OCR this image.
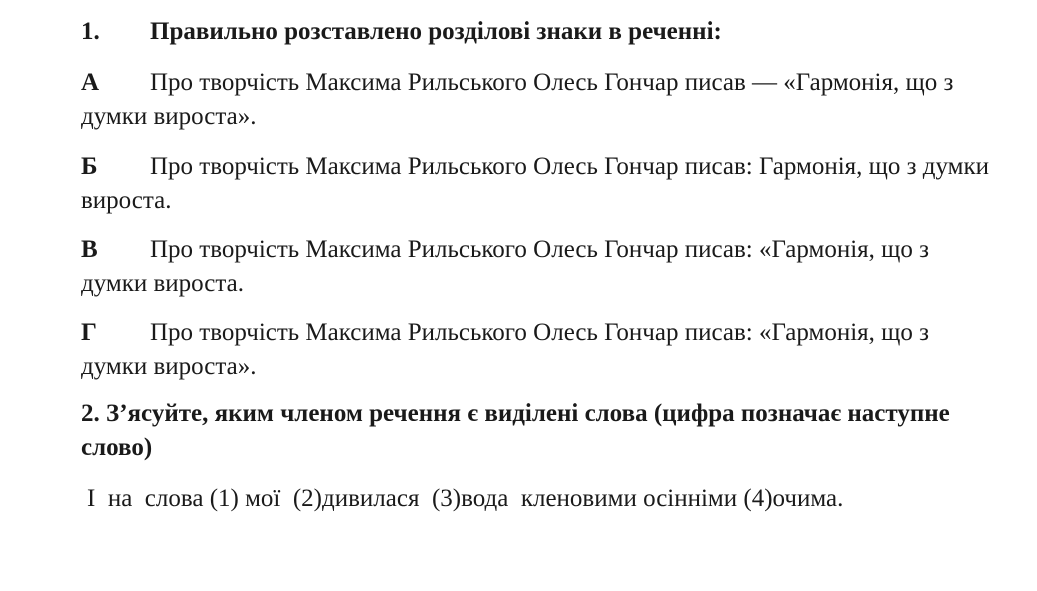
1. Правильно розставлено розділові знаки в реченні:
А Про творчість Максима Рильського Олесь Гончар писав — «Гармонія, що з думки вироста».
Б Про творчість Максима Рильського Олесь Гончар писав: Гармонія, що з думки вироста.
В Про творчість Максима Рильського Олесь Гончар писав: «Гармонія, що з думки вироста.
Г Про творчість Максима Рильського Олесь Гончар писав: «Гармонія, що з думки вироста».
2. З’ясуйте, яким членом речення є виділені слова (цифра позначає наступне слово)
І  на  слова (1) мої  (2)дивилася  (3)вода  кленовими осінніми (4)очима.
